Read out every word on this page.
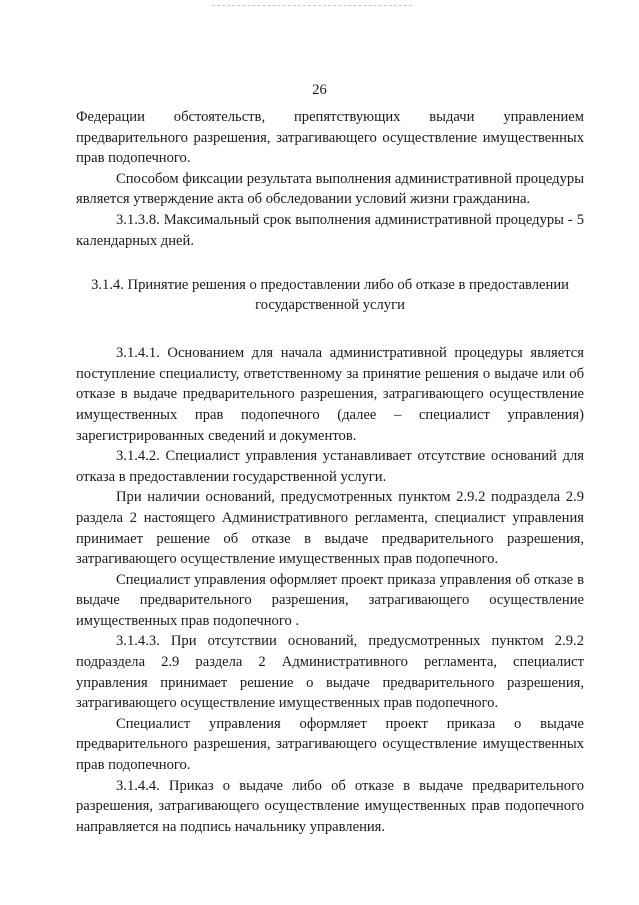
26

Федерации обстоятельств, препятствующих выдачи управлением предварительного разрешения, затрагивающего осуществление имущественных прав подопечного.

Способом фиксации результата выполнения административной процедуры является утверждение акта об обследовании условий жизни гражданина.

3.1.3.8. Максимальный срок выполнения административной процедуры - 5 календарных дней.

3.1.4. Принятие решения о предоставлении либо об отказе в предоставлении государственной услуги

3.1.4.1. Основанием для начала административной процедуры является поступление специалисту, ответственному за принятие решения о выдаче или об отказе в выдаче предварительного разрешения, затрагивающего осуществление имущественных прав подопечного (далее – специалист управления) зарегистрированных сведений и документов.

3.1.4.2. Специалист управления устанавливает отсутствие оснований для отказа в предоставлении государственной услуги.

При наличии оснований, предусмотренных пунктом 2.9.2 подраздела 2.9 раздела 2 настоящего Административного регламента, специалист управления принимает решение об отказе в выдаче предварительного разрешения, затрагивающего осуществление имущественных прав подопечного.

Специалист управления оформляет проект приказа управления об отказе в выдаче предварительного разрешения, затрагивающего осуществление имущественных прав подопечного .

3.1.4.3. При отсутствии оснований, предусмотренных пунктом 2.9.2 подраздела 2.9 раздела 2 Административного регламента, специалист управления принимает решение о выдаче предварительного разрешения, затрагивающего осуществление имущественных прав подопечного.

Специалист управления оформляет проект приказа о выдаче предварительного разрешения, затрагивающего осуществление имущественных прав подопечного.

3.1.4.4. Приказ о выдаче либо об отказе в выдаче предварительного разрешения, затрагивающего осуществление имущественных прав подопечного направляется на подпись начальнику управления.
